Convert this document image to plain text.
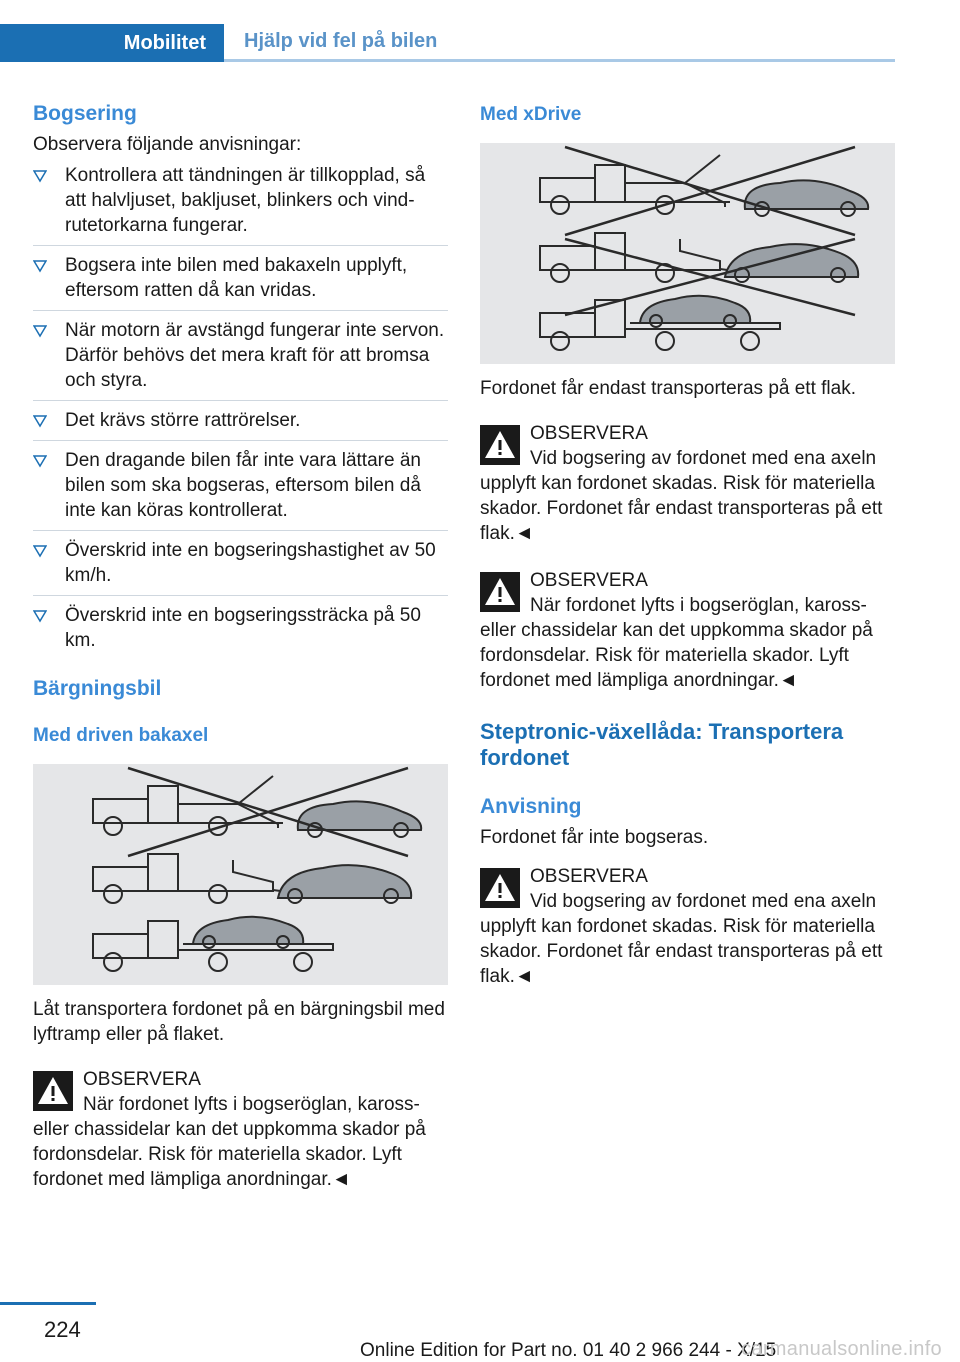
Mobilitet	Hjälp vid fel på bilen
Bogsering

Observera följande anvisningar:

Kontrollera att tändningen är tillkopplad, så att halvljuset, bakljuset, blinkers och vindrutetorkarna fungerar.
Bogsera inte bilen med bakaxeln upplyft, eftersom ratten då kan vridas.
När motorn är avstängd fungerar inte servon. Därför behövs det mera kraft för att bromsa och styra.
Det krävs större rattrörelser.
Den dragande bilen får inte vara lättare än bilen som ska bogseras, eftersom bilen då inte kan köras kontrollerat.
Överskrid inte en bogseringshastighet av 50 km/h.
Överskrid inte en bogseringssträcka på 50 km.
Bärgningsbil
Med driven bakaxel

Låt transportera fordonet på en bärgningsbil med lyftramp eller på flaket.

OBSERVERA
När fordonet lyfts i bogseröglan, kaross- eller chassidelar kan det uppkomma skador på fordonsdelar. Risk för materiella skador. Lyft fordonet med lämpliga anordningar.◄
Med xDrive

Fordonet får endast transporteras på ett flak.

OBSERVERA
Vid bogsering av fordonet med ena axeln upplyft kan fordonet skadas. Risk för materiella skador. Fordonet får endast transporteras på ett flak.◄
OBSERVERA
När fordonet lyfts i bogseröglan, kaross- eller chassidelar kan det uppkomma skador på fordonsdelar. Risk för materiella skador. Lyft fordonet med lämpliga anordningar.◄
Steptronic-växellåda: Transportera fordonet
Anvisning

Fordonet får inte bogseras.

OBSERVERA
Vid bogsering av fordonet med ena axeln upplyft kan fordonet skadas. Risk för materiella skador. Fordonet får endast transporteras på ett flak.◄
224
Online Edition for Part no. 01 40 2 966 244 - X/15
carmanualsonline.info
